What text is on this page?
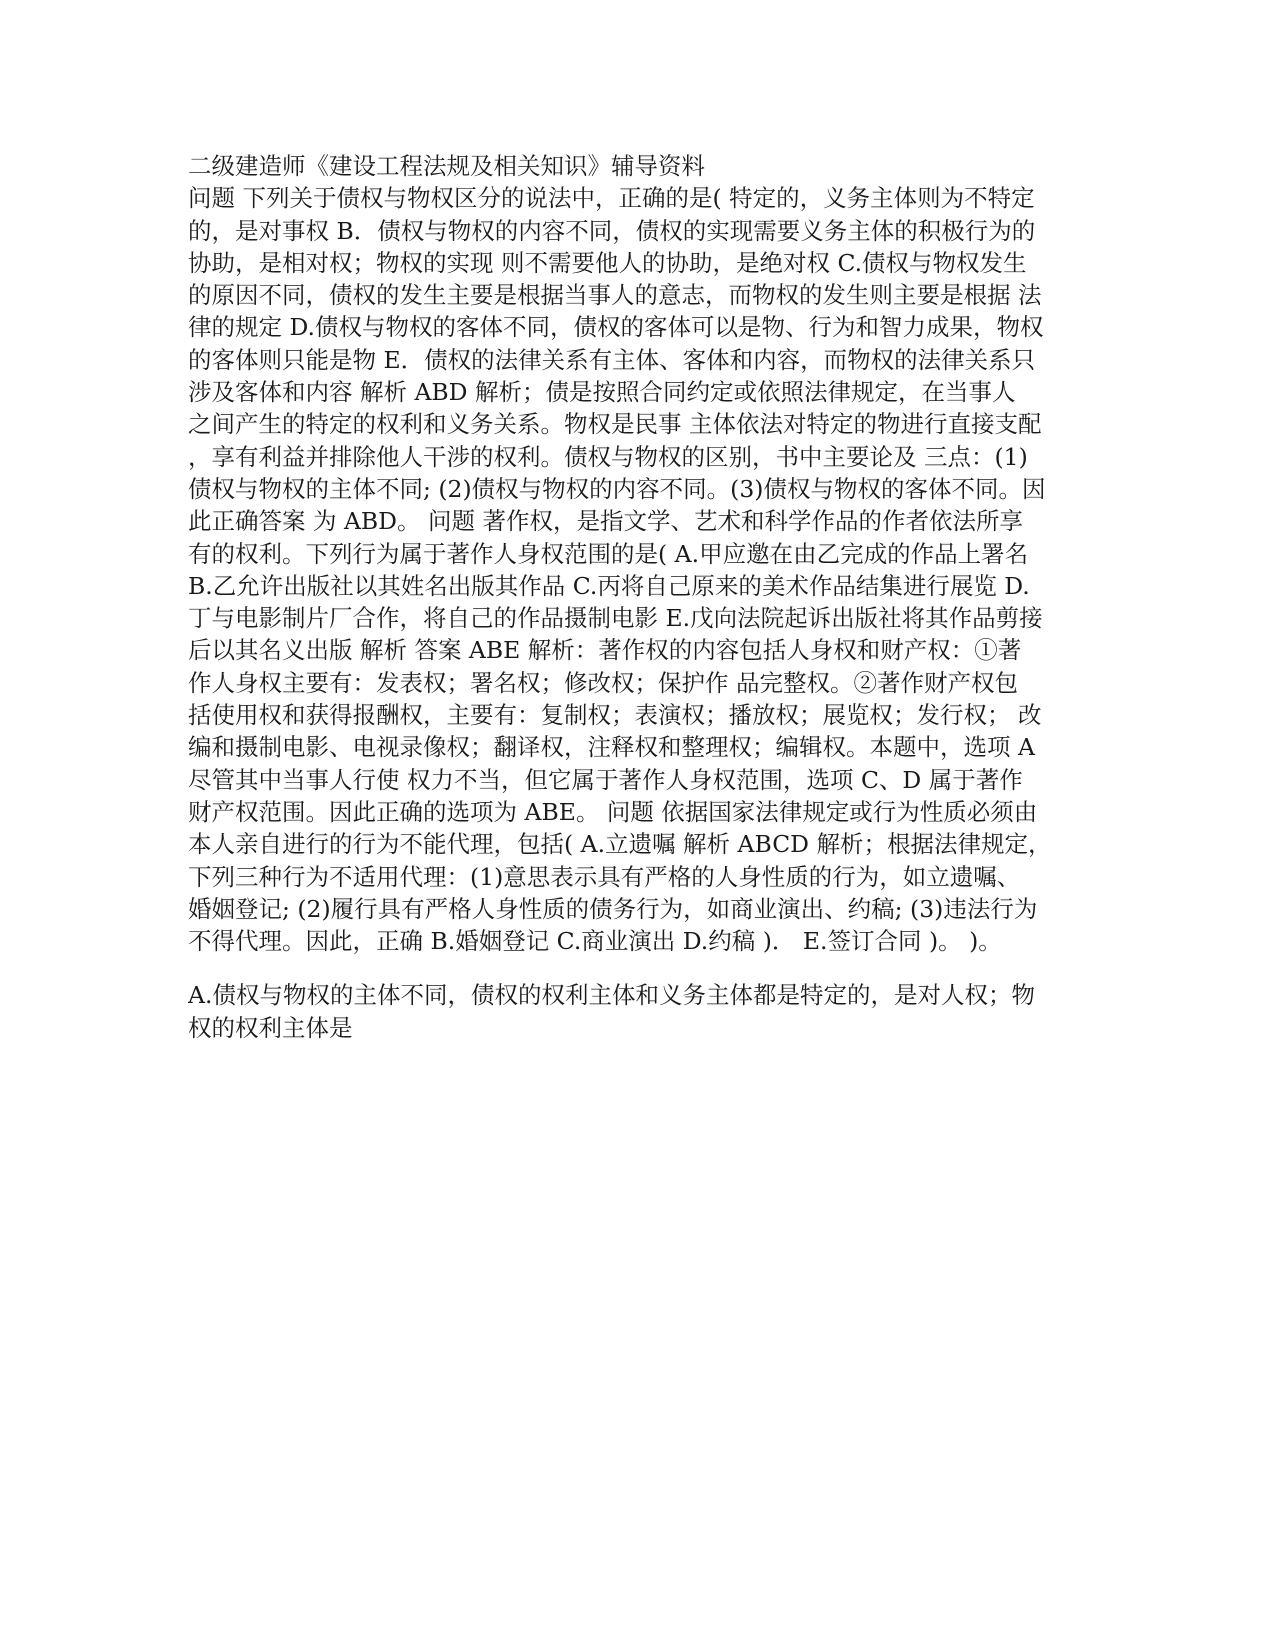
二级建造师《建设工程法规及相关知识》辅导资料
问题 下列关于债权与物权区分的说法中，正确的是( 特定的，义务主体则为不特定
的，是对事权 B．债权与物权的内容不同，债权的实现需要义务主体的积极行为的
协助，是相对权；物权的实现 则不需要他人的协助，是绝对权 C.债权与物权发生
的原因不同，债权的发生主要是根据当事人的意志，而物权的发生则主要是根据 法
律的规定 D.债权与物权的客体不同，债权的客体可以是物、行为和智力成果，物权
的客体则只能是物 E．债权的法律关系有主体、客体和内容，而物权的法律关系只
涉及客体和内容 解析 ABD 解析；债是按照合同约定或依照法律规定，在当事人
之间产生的特定的权利和义务关系。物权是民事 主体依法对特定的物进行直接支配
，享有利益并排除他人干涉的权利。债权与物权的区别，书中主要论及 三点：(1)
债权与物权的主体不同; (2)债权与物权的内容不同。(3)债权与物权的客体不同。因
此正确答案 为 ABD。 问题 著作权，是指文学、艺术和科学作品的作者依法所享
有的权利。下列行为属于著作人身权范围的是( A.甲应邀在由乙完成的作品上署名
B.乙允许出版社以其姓名出版其作品 C.丙将自己原来的美术作品结集进行展览 D.
丁与电影制片厂合作，将自己的作品摄制电影 E.戊向法院起诉出版社将其作品剪接
后以其名义出版 解析 答案 ABE 解析：著作权的内容包括人身权和财产权：①著
作人身权主要有：发表权；署名权；修改权；保护作 品完整权。②著作财产权包
括使用权和获得报酬权，主要有：复制权；表演权；播放权；展览权；发行权； 改
编和摄制电影、电视录像权；翻译权，注释权和整理权；编辑权。本题中，选项 A
尽管其中当事人行使 权力不当，但它属于著作人身权范围，选项 C、D 属于著作
财产权范围。因此正确的选项为 ABE。 问题 依据国家法律规定或行为性质必须由
本人亲自进行的行为不能代理，包括( A.立遗嘱 解析 ABCD 解析；根据法律规定，
下列三种行为不适用代理：(1)意思表示具有严格的人身性质的行为，如立遗嘱、
婚姻登记; (2)履行具有严格人身性质的债务行为，如商业演出、约稿; (3)违法行为
不得代理。因此，正确 B.婚姻登记 C.商业演出 D.约稿 )． E.签订合同 )。 )。
A.债权与物权的主体不同，债权的权利主体和义务主体都是特定的，是对人权；物
权的权利主体是
